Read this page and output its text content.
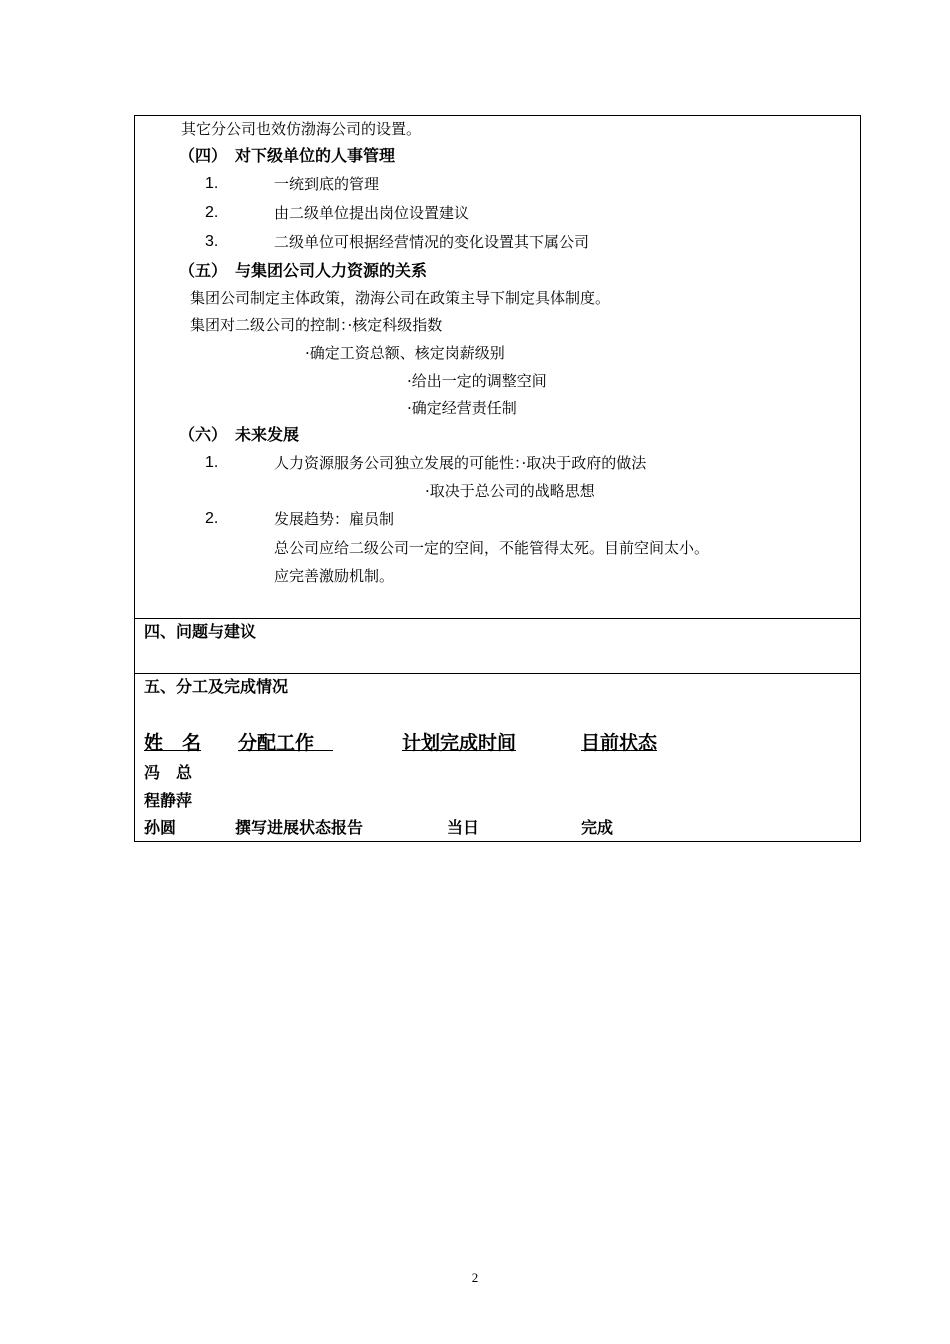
其它分公司也效仿渤海公司的设置。
（四）　对下级单位的人事管理
1.	一统到底的管理
2.	由二级单位提出岗位设置建议
3.	二级单位可根据经营情况的变化设置其下属公司
（五）　与集团公司人力资源的关系
集团公司制定主体政策，渤海公司在政策主导下制定具体制度。
集团对二级公司的控制：·核定科级指数
·确定工资总额、核定岗薪级别
·给出一定的调整空间
·确定经营责任制
（六）　未来发展
1.	人力资源服务公司独立发展的可能性：·取决于政府的做法
·取决于总公司的战略思想
2.	发展趋势：雇员制
总公司应给二级公司一定的空间，不能管得太死。目前空间太小。
应完善激励机制。
四、问题与建议
五、分工及完成情况
姓　名 分配工作　	计划完成时间	目前状态
冯　总
程静萍
孙圆	撰写进展状态报告	当日	完成
2
